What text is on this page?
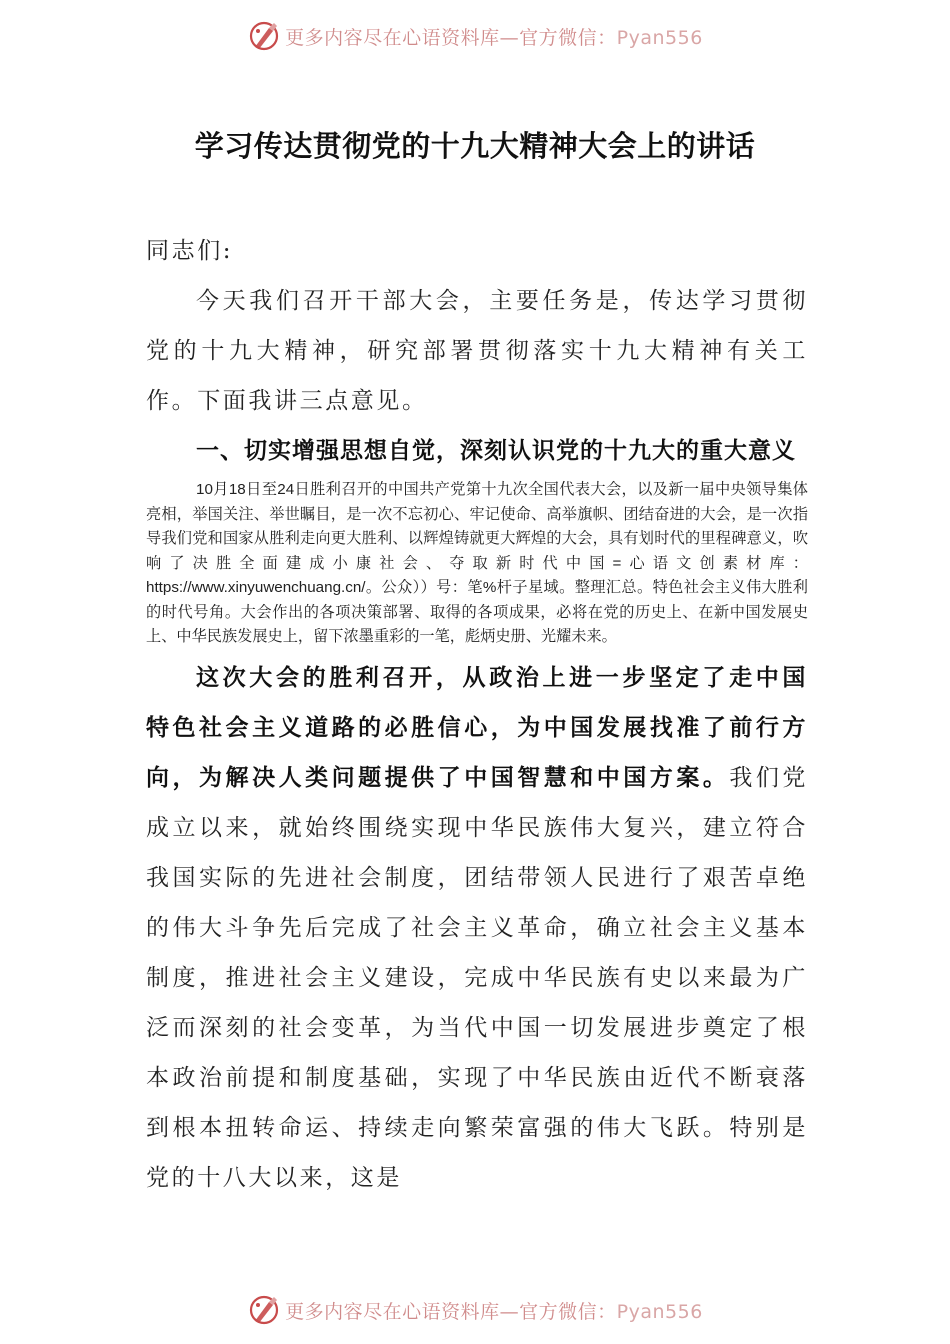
更多内容尽在心语资料库—官方微信：Pyan556
学习传达贯彻党的十九大精神大会上的讲话

同志们:

今天我们召开干部大会，主要任务是，传达学习贯彻党的十九大精神，研究部署贯彻落实十九大精神有关工作。下面我讲三点意见。

一、切实增强思想自觉，深刻认识党的十九大的重大意义

10月18日至24日胜利召开的中国共产党第十九次全国代表大会，以及新一届中央领导集体亮相，举国关注、举世瞩目，是一次不忘初心、牢记使命、高举旗帜、团结奋进的大会，是一次指导我们党和国家从胜利走向更大胜利、以辉煌铸就更大辉煌的大会，具有划时代的里程碑意义，吹响了决胜全面建成小康社会、夺取新时代中国=心语文创素材库：https://www.xinyuwenchuang.cn/。公众））号：笔%杆子星域。整理汇总。特色社会主义伟大胜利的时代号角。大会作出的各项决策部署、取得的各项成果，必将在党的历史上、在新中国发展史上、中华民族发展史上，留下浓墨重彩的一笔，彪炳史册、光耀未来。

这次大会的胜利召开，从政治上进一步坚定了走中国特色社会主义道路的必胜信心，为中国发展找准了前行方向，为解决人类问题提供了中国智慧和中国方案。我们党成立以来，就始终围绕实现中华民族伟大复兴，建立符合我国实际的先进社会制度，团结带领人民进行了艰苦卓绝的伟大斗争先后完成了社会主义革命，确立社会主义基本制度，推进社会主义建设，完成中华民族有史以来最为广泛而深刻的社会变革，为当代中国一切发展进步奠定了根本政治前提和制度基础，实现了中华民族由近代不断衰落到根本扭转命运、持续走向繁荣富强的伟大飞跃。特别是党的十八大以来，这是

更多内容尽在心语资料库—官方微信：Pyan556
